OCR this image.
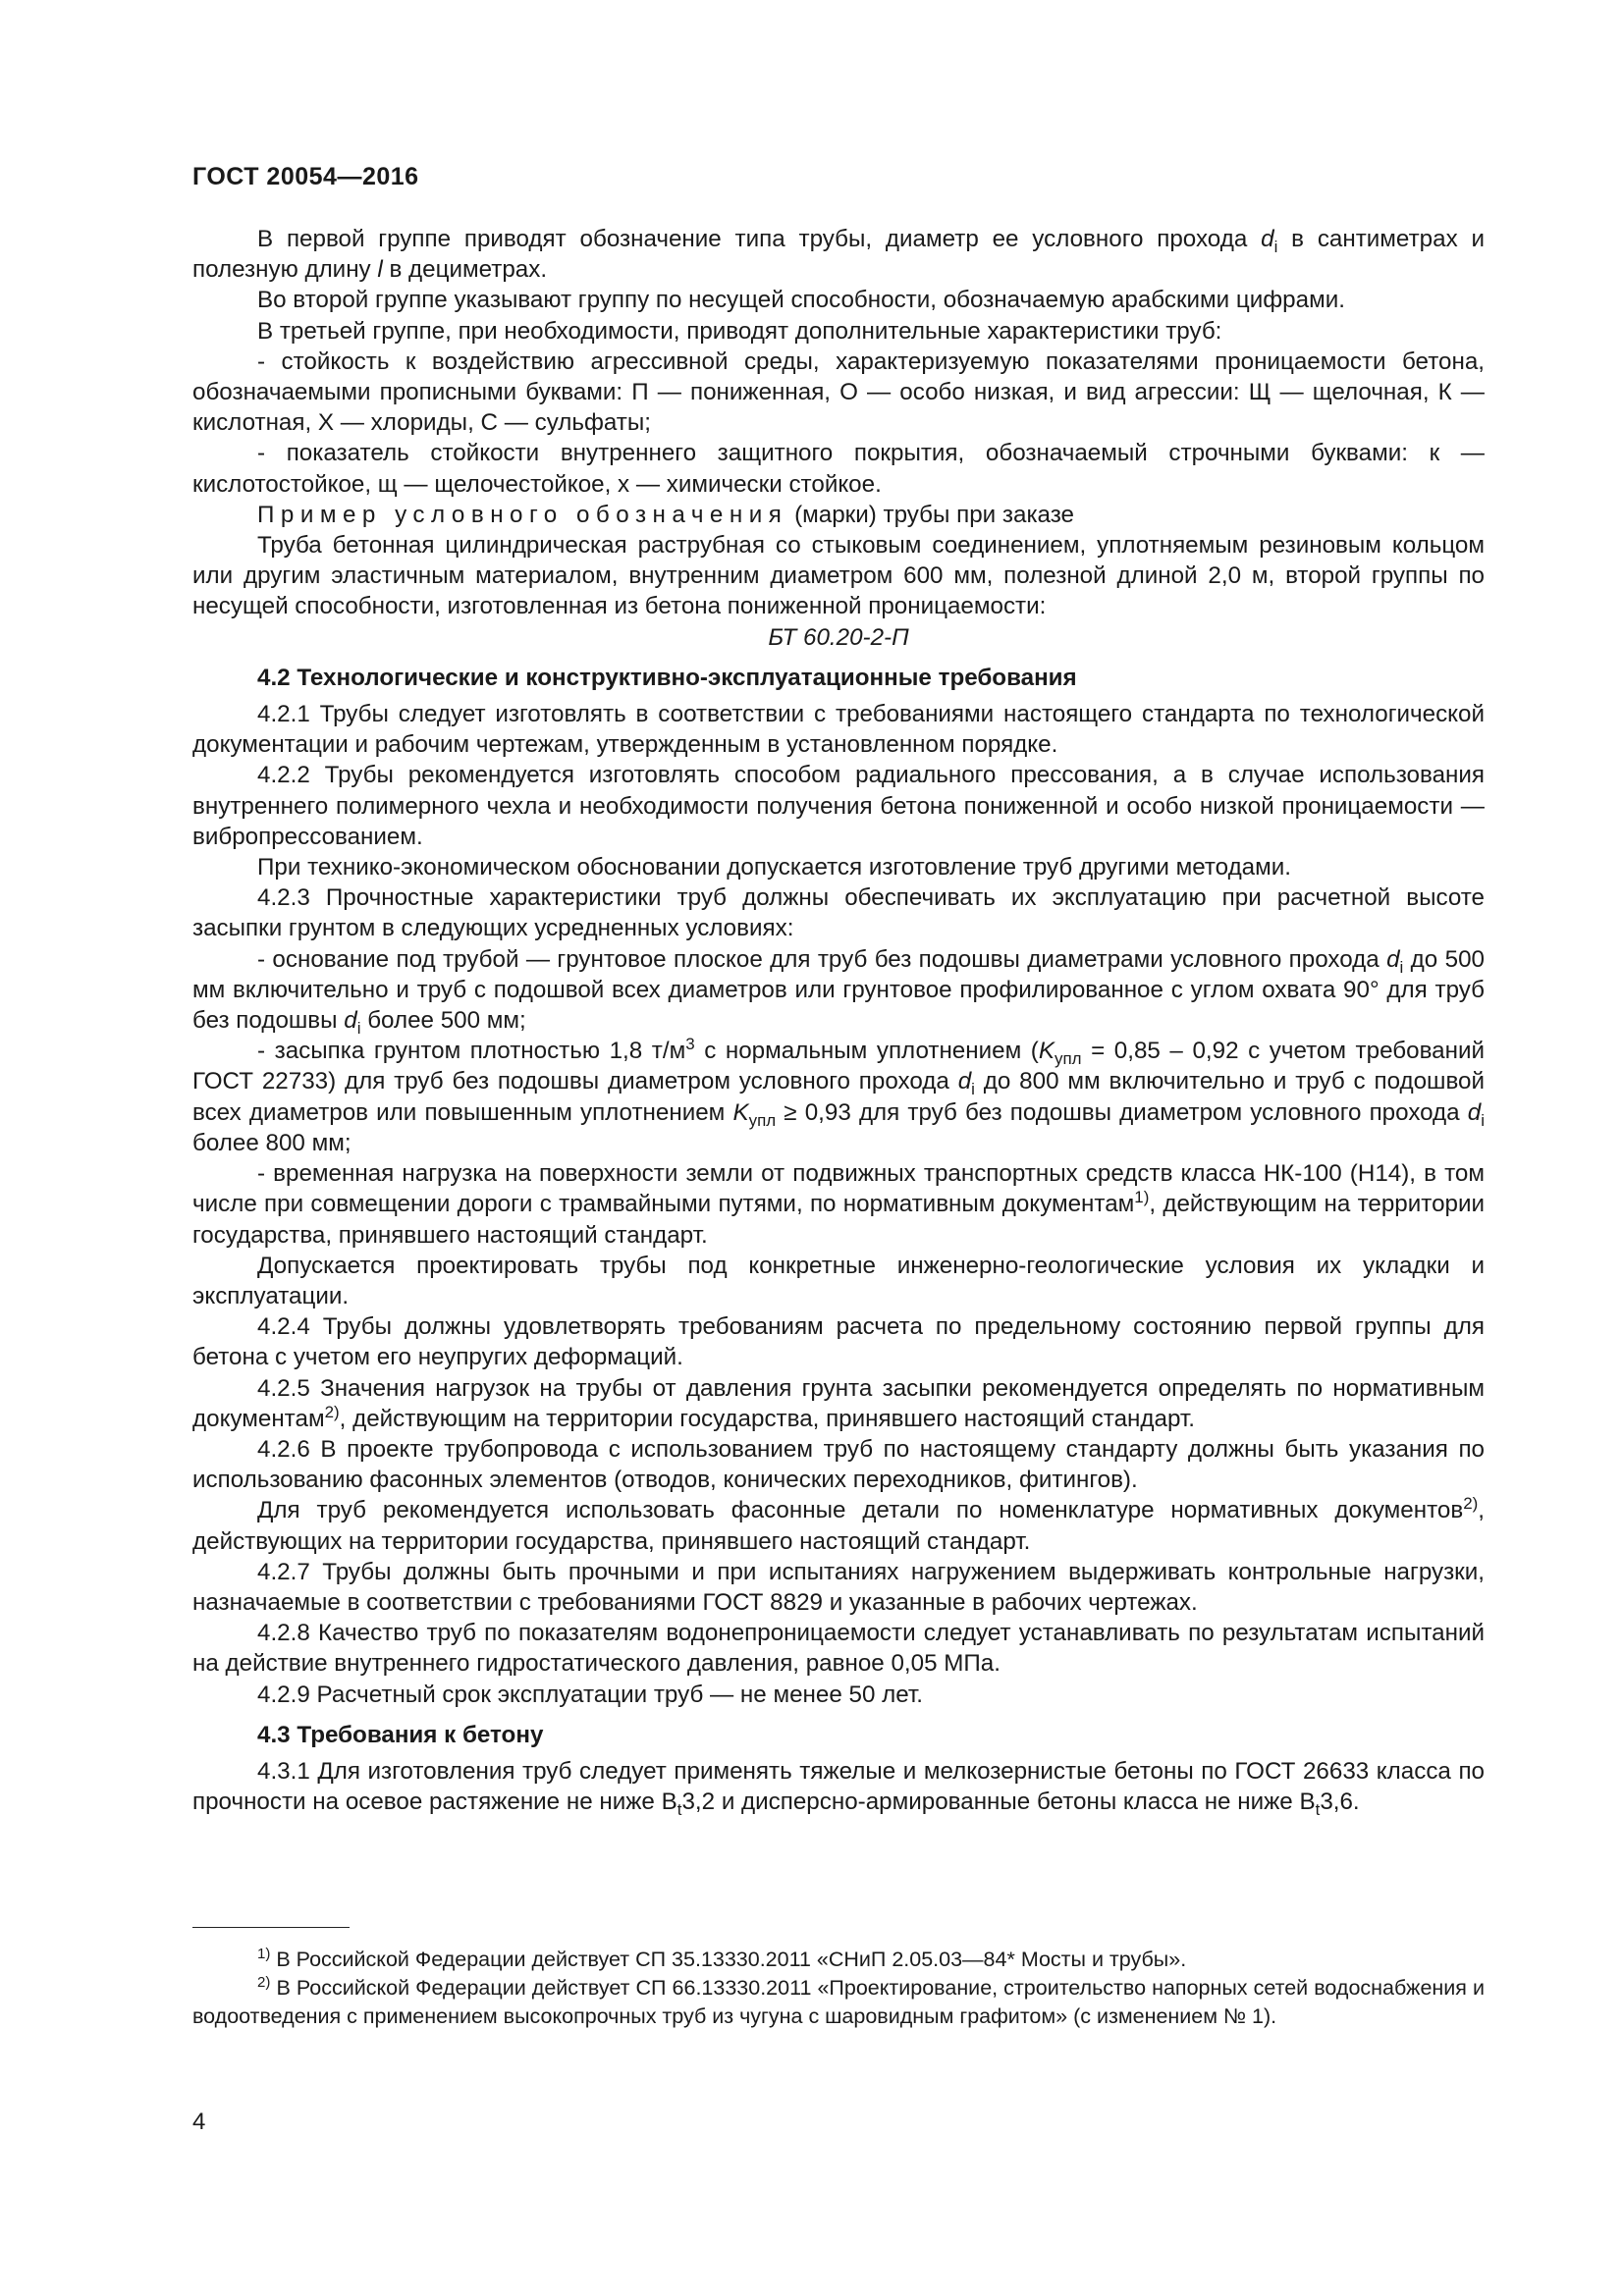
ГОСТ 20054—2016

В первой группе приводят обозначение типа трубы, диаметр ее условного прохода $d_i$ в сантиметрах и полезную длину l в дециметрах.

Во второй группе указывают группу по несущей способности, обозначаемую арабскими цифрами.

В третьей группе, при необходимости, приводят дополнительные характеристики труб:

- стойкость к воздействию агрессивной среды, характеризуемую показателями проницаемости бетона, обозначаемыми прописными буквами: П — пониженная, О — особо низкая, и вид агрессии: Щ — щелочная, К — кислотная, Х — хлориды, С — сульфаты;

- показатель стойкости внутреннего защитного покрытия, обозначаемый строчными буквами: к — кислотостойкое, щ — щелочестойкое, х — химически стойкое.

Пример условного обозначения (марки) трубы при заказе

Труба бетонная цилиндрическая раструбная со стыковым соединением, уплотняемым резиновым кольцом или другим эластичным материалом, внутренним диаметром 600 мм, полезной длиной 2,0 м, второй группы по несущей способности, изготовленная из бетона пониженной проницаемости:

БТ 60.20-2-П

4.2 Технологические и конструктивно-эксплуатационные требования

4.2.1 Трубы следует изготовлять в соответствии с требованиями настоящего стандарта по технологической документации и рабочим чертежам, утвержденным в установленном порядке.

4.2.2 Трубы рекомендуется изготовлять способом радиального прессования, а в случае использования внутреннего полимерного чехла и необходимости получения бетона пониженной и особо низкой проницаемости — вибропрессованием.

При технико-экономическом обосновании допускается изготовление труб другими методами.

4.2.3 Прочностные характеристики труб должны обеспечивать их эксплуатацию при расчетной высоте засыпки грунтом в следующих усредненных условиях:

- основание под трубой — грунтовое плоское для труб без подошвы диаметрами условного прохода $d_i$ до 500 мм включительно и труб с подошвой всех диаметров или грунтовое профилированное с углом охвата 90° для труб без подошвы $d_i$ более 500 мм;

- засыпка грунтом плотностью 1,8 $т/м^3$ с нормальным уплотнением ($K_{упл} = 0,85 - 0,92$ с учетом требований ГОСТ 22733) для труб без подошвы диаметром условного прохода $d_i$ до 800 мм включительно и труб с подошвой всех диаметров или повышенным уплотнением $K_{упл} \ge 0,93$ для труб без подошвы диаметром условного прохода $d_i$ более 800 мм;

- временная нагрузка на поверхности земли от подвижных транспортных средств класса НК-100 (Н14), в том числе при совмещении дороги с трамвайными путями, по нормативным документам$^{1)}$, действующим на территории государства, принявшего настоящий стандарт.

Допускается проектировать трубы под конкретные инженерно-геологические условия их укладки и эксплуатации.

4.2.4 Трубы должны удовлетворять требованиям расчета по предельному состоянию первой группы для бетона с учетом его неупругих деформаций.

4.2.5 Значения нагрузок на трубы от давления грунта засыпки рекомендуется определять по нормативным документам$^{2)}$, действующим на территории государства, принявшего настоящий стандарт.

4.2.6 В проекте трубопровода с использованием труб по настоящему стандарту должны быть указания по использованию фасонных элементов (отводов, конических переходников, фитингов).

Для труб рекомендуется использовать фасонные детали по номенклатуре нормативных документов$^{2)}$, действующих на территории государства, принявшего настоящий стандарт.

4.2.7 Трубы должны быть прочными и при испытаниях нагружением выдерживать контрольные нагрузки, назначаемые в соответствии с требованиями ГОСТ 8829 и указанные в рабочих чертежах.

4.2.8 Качество труб по показателям водонепроницаемости следует устанавливать по результатам испытаний на действие внутреннего гидростатического давления, равное 0,05 МПа.

4.2.9 Расчетный срок эксплуатации труб — не менее 50 лет.

4.3 Требования к бетону

4.3.1 Для изготовления труб следует применять тяжелые и мелкозернистые бетоны по ГОСТ 26633 класса по прочности на осевое растяжение не ниже $B_t3,2$ и дисперсно-армированные бетоны класса не ниже $B_t3,6$.

$^{1)}$ В Российской Федерации действует СП 35.13330.2011 «СНиП 2.05.03—84* Мосты и трубы».

$^{2)}$ В Российской Федерации действует СП 66.13330.2011 «Проектирование, строительство напорных сетей водоснабжения и водоотведения с применением высокопрочных труб из чугуна с шаровидным графитом» (с изменением № 1).

4
